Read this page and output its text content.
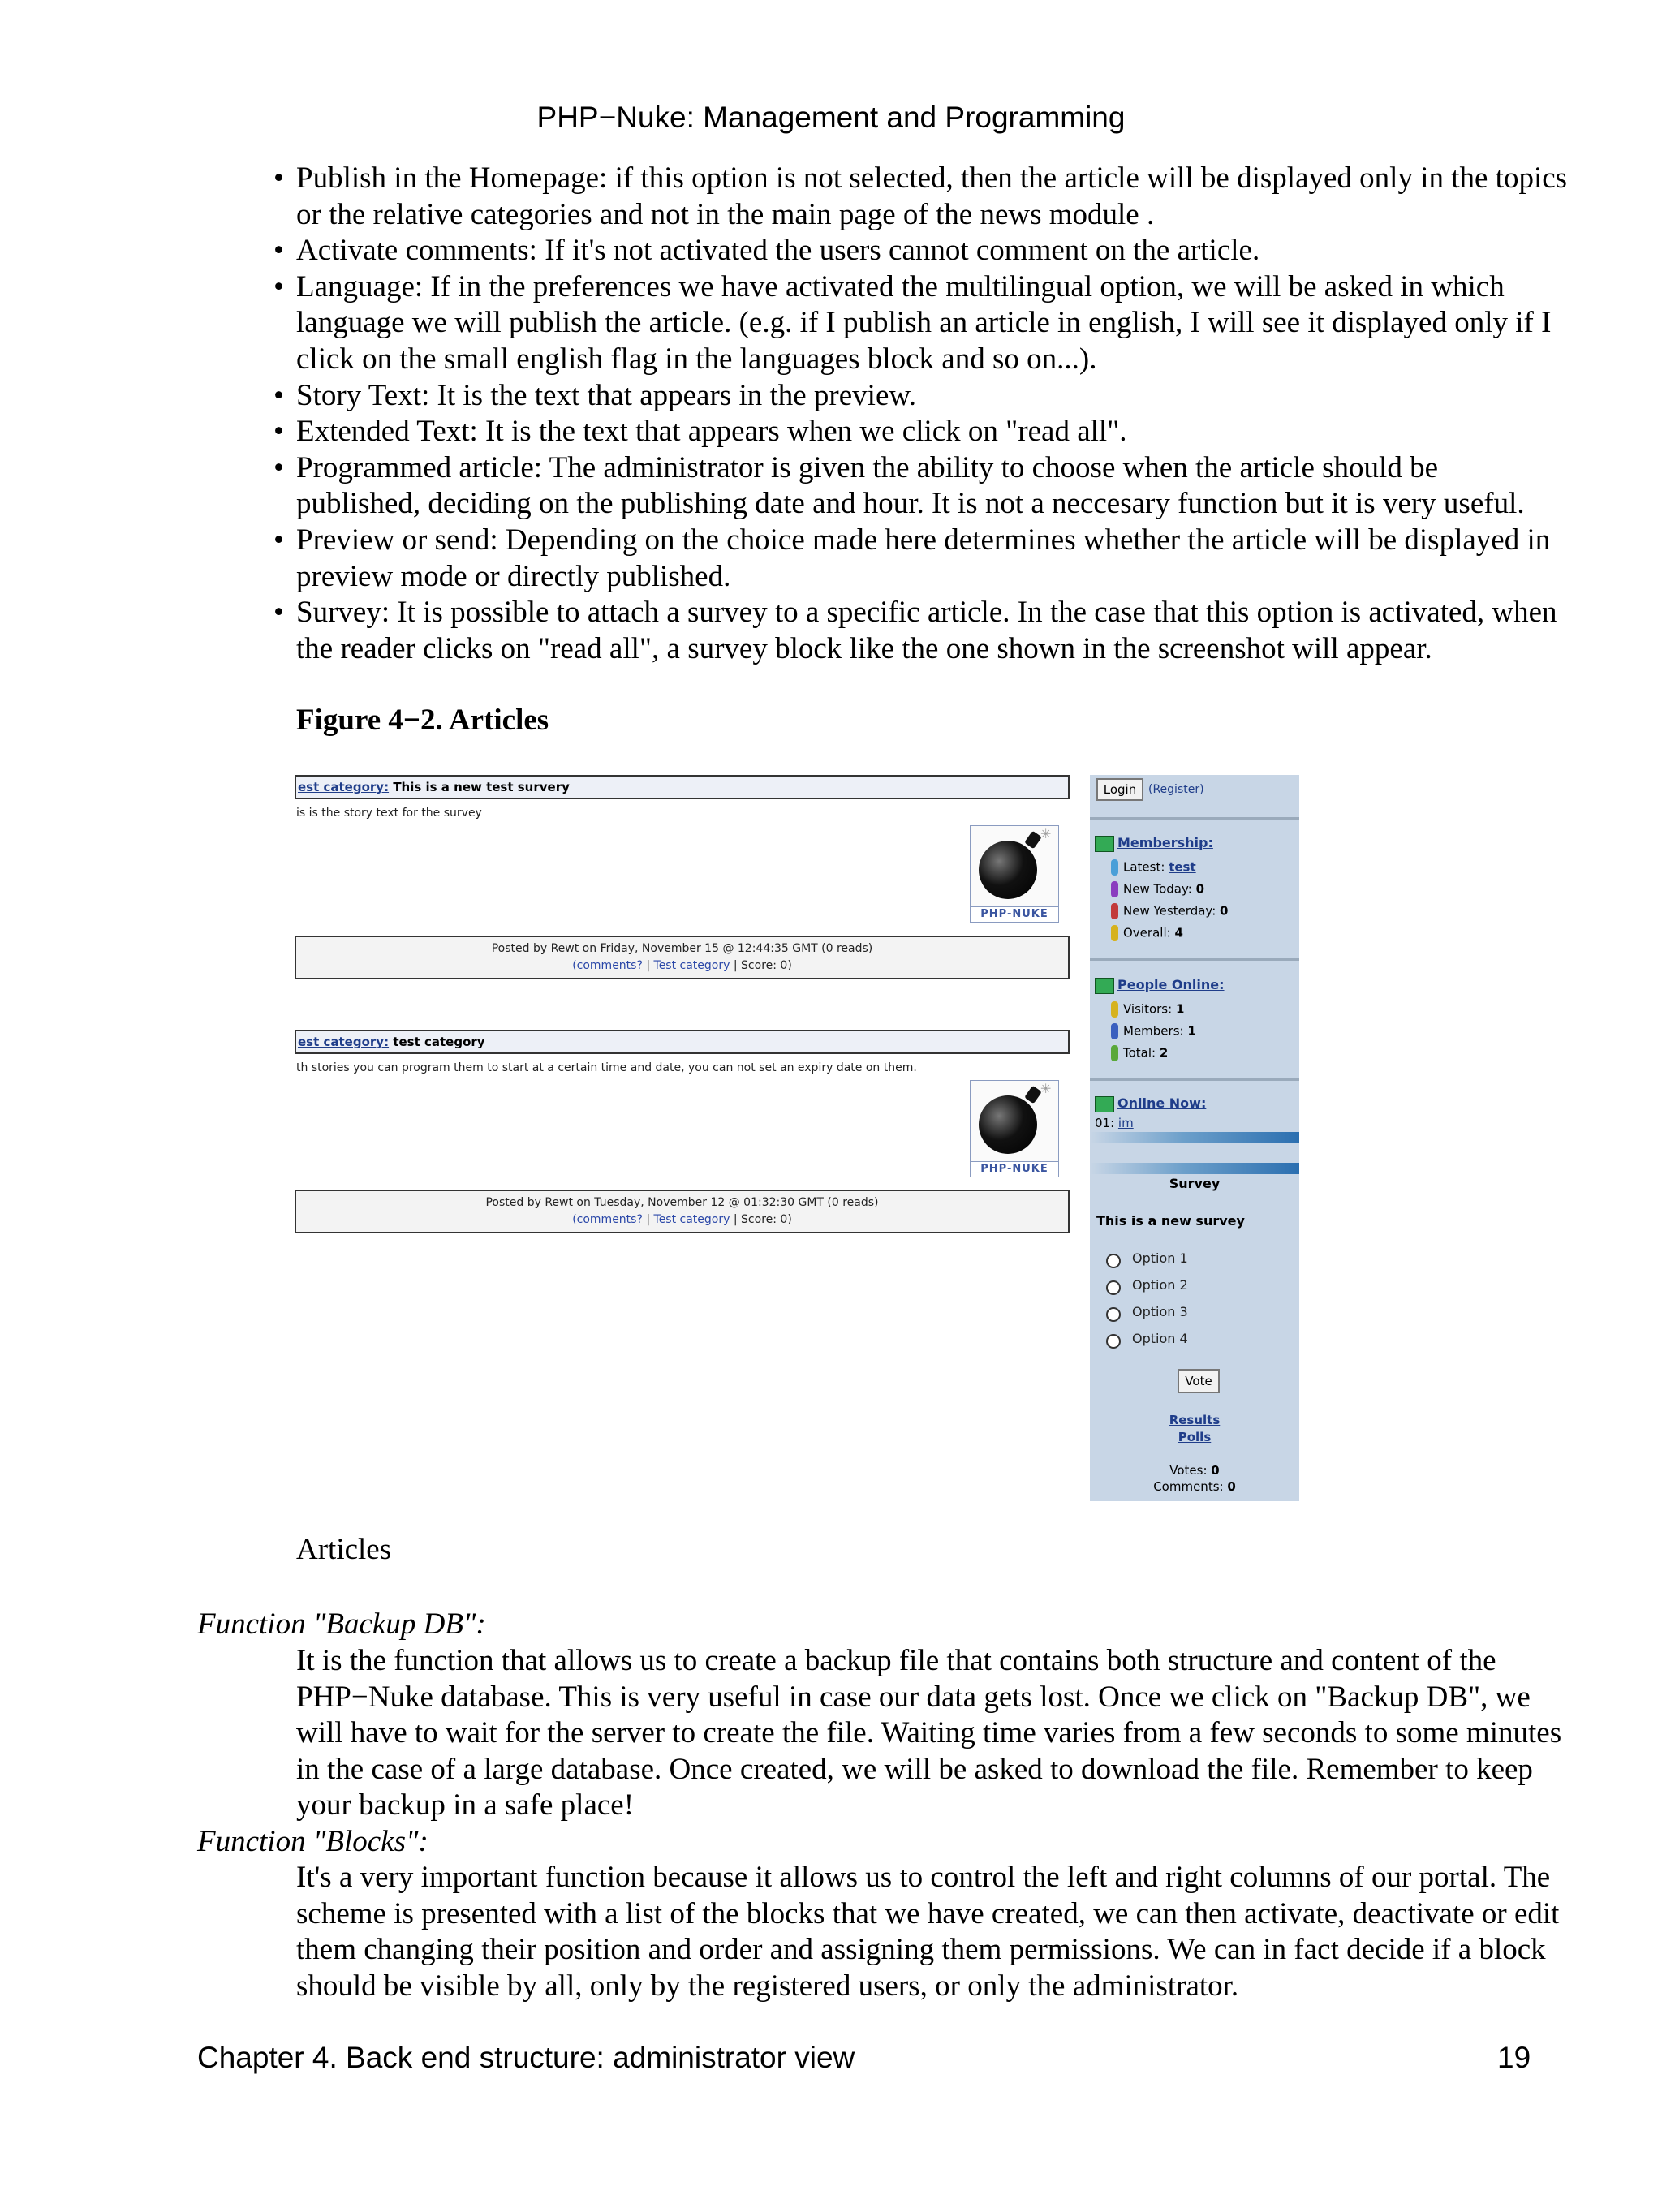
PHP−Nuke: Management and Programming
• Publish in the Homepage: if this option is not selected, then the article will be displayed only in the topics or the relative categories and not in the main page of the news module .
• Activate comments: If it's not activated the users cannot comment on the article.
• Language: If in the preferences we have activated the multilingual option, we will be asked in which language we will publish the article. (e.g. if I publish an article in english, I will see it displayed only if I click on the small english flag in the languages block and so on...).
• Story Text: It is the text that appears in the preview.
• Extended Text: It is the text that appears when we click on "read all".
• Programmed article: The administrator is given the ability to choose when the article should be published, deciding on the publishing date and hour. It is not a neccesary function but it is very useful.
• Preview or send: Depending on the choice made here determines whether the article will be displayed in preview mode or directly published.
• Survey: It is possible to attach a survey to a specific article. In the case that this option is activated, when the reader clicks on "read all", a survey block like the one shown in the screenshot will appear.
Figure 4−2. Articles
est category: This is a new test survery
is is the story text for the survey
✳
PHP-NUKE
Posted by Rewt on Friday, November 15 @ 12:44:35 GMT (0 reads)
(comments? | Test category | Score: 0)
est category: test category
th stories you can program them to start at a certain time and date, you can not set an expiry date on them.
✳
PHP-NUKE
Posted by Rewt on Tuesday, November 12 @ 01:32:30 GMT (0 reads)
(comments? | Test category | Score: 0)
Login	(Register)
Membership:
Latest: test
New Today: 0
New Yesterday: 0
Overall: 4
People Online:
Visitors: 1
Members: 1
Total: 2
Online Now:
01: im
Survey
This is a new survey
Option 1
Option 2
Option 3
Option 4
Vote
Results
Polls
Votes: 0
Comments: 0
Articles
Function "Backup DB":
It is the function that allows us to create a backup file that contains both structure and content of the PHP−Nuke database. This is very useful in case our data gets lost. Once we click on "Backup DB", we will have to wait for the server to create the file. Waiting time varies from a few seconds to some minutes in the case of a large database. Once created, we will be asked to download the file. Remember to keep your backup in a safe place!
Function "Blocks":
It's a very important function because it allows us to control the left and right columns of our portal. The scheme is presented with a list of the blocks that we have created, we can then activate, deactivate or edit them changing their position and order and assigning them permissions. We can in fact decide if a block should be visible by all, only by the registered users, or only the administrator.
Chapter 4. Back end structure: administrator view	19
